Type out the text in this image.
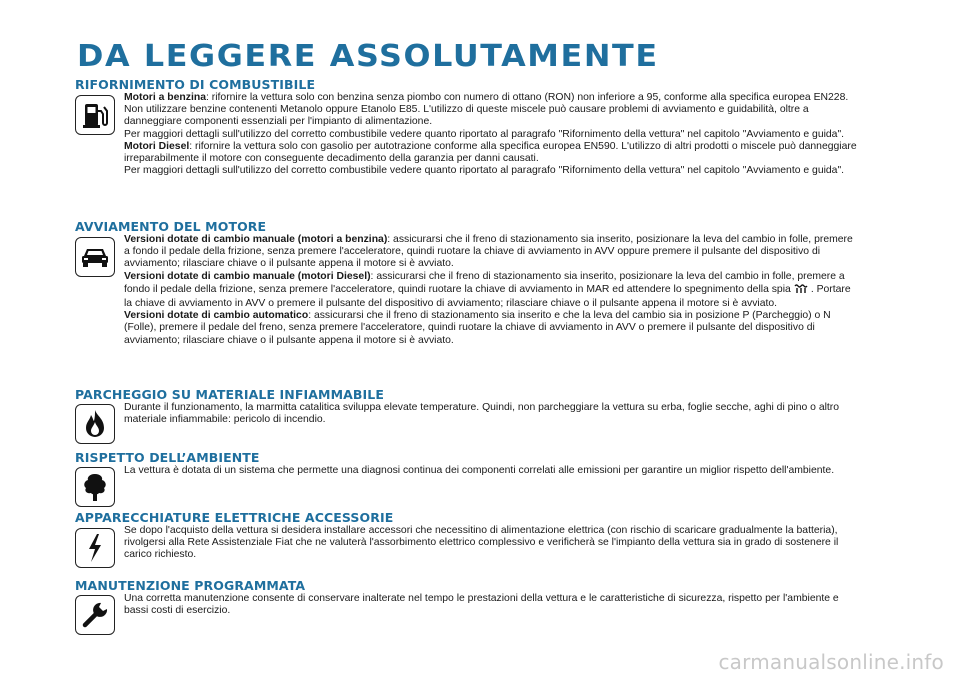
DA LEGGERE ASSOLUTAMENTE
RIFORNIMENTO DI COMBUSTIBILE

Motori a benzina: rifornire la vettura solo con benzina senza piombo con numero di ottano (RON) non inferiore a 95, conforme alla specifica europea EN228. Non utilizzare benzine contenenti Metanolo oppure Etanolo E85. L'utilizzo di queste miscele può causare problemi di avviamento e guidabilità, oltre a danneggiare componenti essenziali per l'impianto di alimentazione.

Per maggiori dettagli sull'utilizzo del corretto combustibile vedere quanto riportato al paragrafo "Rifornimento della vettura" nel capitolo "Avviamento e guida".

Motori Diesel: rifornire la vettura solo con gasolio per autotrazione conforme alla specifica europea EN590. L'utilizzo di altri prodotti o miscele può danneggiare irreparabilmente il motore con conseguente decadimento della garanzia per danni causati.

Per maggiori dettagli sull'utilizzo del corretto combustibile vedere quanto riportato al paragrafo "Rifornimento della vettura" nel capitolo "Avviamento e guida".

AVVIAMENTO DEL MOTORE

Versioni dotate di cambio manuale (motori a benzina): assicurarsi che il freno di stazionamento sia inserito, posizionare la leva del cambio in folle, premere a fondo il pedale della frizione, senza premere l'acceleratore, quindi ruotare la chiave di avviamento in AVV oppure premere il pulsante del dispositivo di avviamento; rilasciare chiave o il pulsante appena il motore si è avviato.

Versioni dotate di cambio manuale (motori Diesel): assicurarsi che il freno di stazionamento sia inserito, posizionare la leva del cambio in folle, premere a fondo il pedale della frizione, senza premere l'acceleratore, quindi ruotare la chiave di avviamento in MAR ed attendere lo spegnimento della spia . Portare la chiave di avviamento in AVV o premere il pulsante del dispositivo di avviamento; rilasciare chiave o il pulsante appena il motore si è avviato.

Versioni dotate di cambio automatico: assicurarsi che il freno di stazionamento sia inserito e che la leva del cambio sia in posizione P (Parcheggio) o N (Folle), premere il pedale del freno, senza premere l'acceleratore, quindi ruotare la chiave di avviamento in AVV o premere il pulsante del dispositivo di avviamento; rilasciare chiave o il pulsante appena il motore si è avviato.

PARCHEGGIO SU MATERIALE INFIAMMABILE

Durante il funzionamento, la marmitta catalitica sviluppa elevate temperature. Quindi, non parcheggiare la vettura su erba, foglie secche, aghi di pino o altro materiale infiammabile: pericolo di incendio.

RISPETTO DELL’AMBIENTE

La vettura è dotata di un sistema che permette una diagnosi continua dei componenti correlati alle emissioni per garantire un miglior rispetto dell'ambiente.

APPARECCHIATURE ELETTRICHE ACCESSORIE

Se dopo l'acquisto della vettura si desidera installare accessori che necessitino di alimentazione elettrica (con rischio di scaricare gradualmente la batteria), rivolgersi alla Rete Assistenziale Fiat che ne valuterà l'assorbimento elettrico complessivo e verificherà se l'impianto della vettura sia in grado di sostenere il carico richiesto.

MANUTENZIONE PROGRAMMATA

Una corretta manutenzione consente di conservare inalterate nel tempo le prestazioni della vettura e le caratteristiche di sicurezza, rispetto per l'ambiente e bassi costi di esercizio.

carmanualsonline.info
